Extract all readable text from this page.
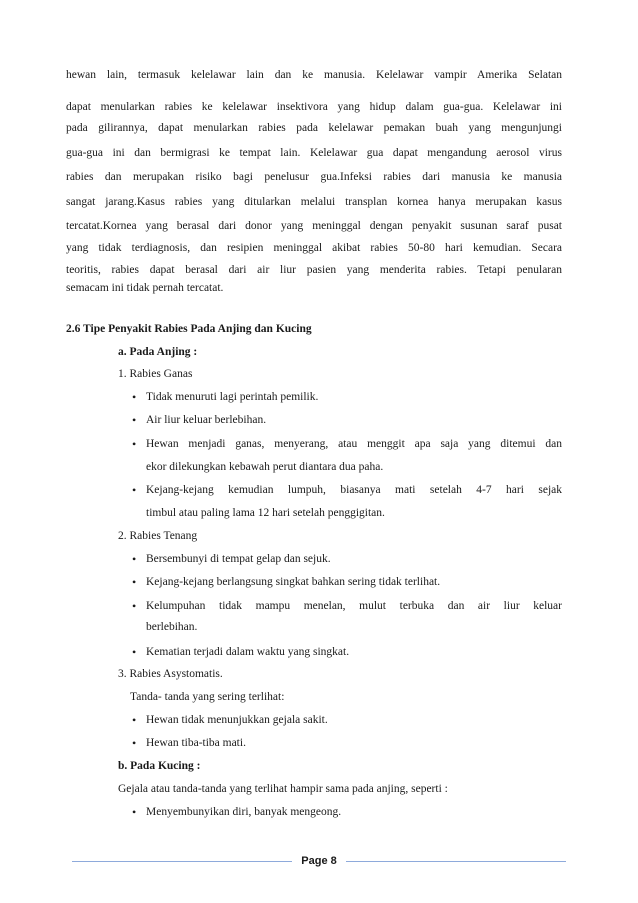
hewan lain, termasuk kelelawar lain dan ke manusia. Kelelawar vampir Amerika Selatan
dapat menularkan rabies ke kelelawar insektivora yang hidup dalam gua-gua. Kelelawar ini
pada gilirannya, dapat menularkan rabies pada kelelawar pemakan buah yang mengunjungi
gua-gua ini dan bermigrasi ke tempat lain. Kelelawar gua dapat mengandung aerosol virus
rabies dan merupakan risiko bagi penelusur gua.Infeksi rabies dari manusia ke manusia
sangat jarang.Kasus rabies yang ditularkan melalui transplan kornea hanya merupakan kasus
tercatat.Kornea yang berasal dari donor yang meninggal dengan penyakit susunan saraf pusat
yang tidak terdiagnosis, dan resipien meninggal akibat rabies 50-80 hari kemudian. Secara
teoritis, rabies dapat berasal dari air liur pasien yang menderita rabies. Tetapi penularan
semacam ini tidak pernah tercatat.
2.6 Tipe Penyakit Rabies Pada Anjing dan Kucing
a. Pada Anjing :
1. Rabies Ganas
• Tidak menuruti lagi perintah pemilik.
• Air liur keluar berlebihan.
• Hewan menjadi ganas, menyerang, atau menggit apa saja yang ditemui dan
ekor dilekungkan kebawah perut diantara dua paha.
• Kejang-kejang kemudian lumpuh, biasanya mati setelah 4-7 hari sejak
timbul atau paling lama 12 hari setelah penggigitan.
2. Rabies Tenang
• Bersembunyi di tempat gelap dan sejuk.
• Kejang-kejang berlangsung singkat bahkan sering tidak terlihat.
• Kelumpuhan tidak mampu menelan, mulut terbuka dan air liur keluar
berlebihan.
• Kematian terjadi dalam waktu yang singkat.
3. Rabies Asystomatis.
Tanda- tanda yang sering terlihat:
• Hewan tidak menunjukkan gejala sakit.
• Hewan tiba-tiba mati.
b. Pada Kucing :
Gejala atau tanda-tanda yang terlihat hampir sama pada anjing, seperti :
• Menyembunyikan diri, banyak mengeong.
Page 8
